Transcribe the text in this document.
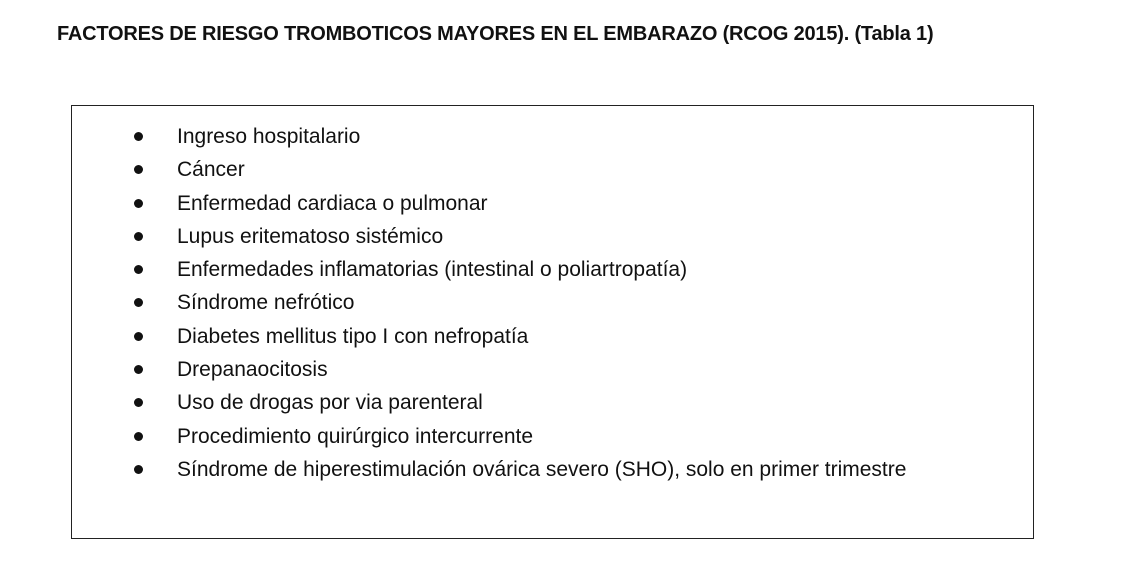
FACTORES DE RIESGO TROMBOTICOS MAYORES EN EL EMBARAZO (RCOG 2015). (Tabla 1)
Ingreso hospitalario
Cáncer
Enfermedad cardiaca o pulmonar
Lupus eritematoso sistémico
Enfermedades inflamatorias (intestinal o poliartropatía)
Síndrome nefrótico
Diabetes mellitus tipo I con nefropatía
Drepanaocitosis
Uso de drogas por via parenteral
Procedimiento quirúrgico intercurrente
Síndrome de hiperestimulación ovárica severo (SHO), solo en primer trimestre
